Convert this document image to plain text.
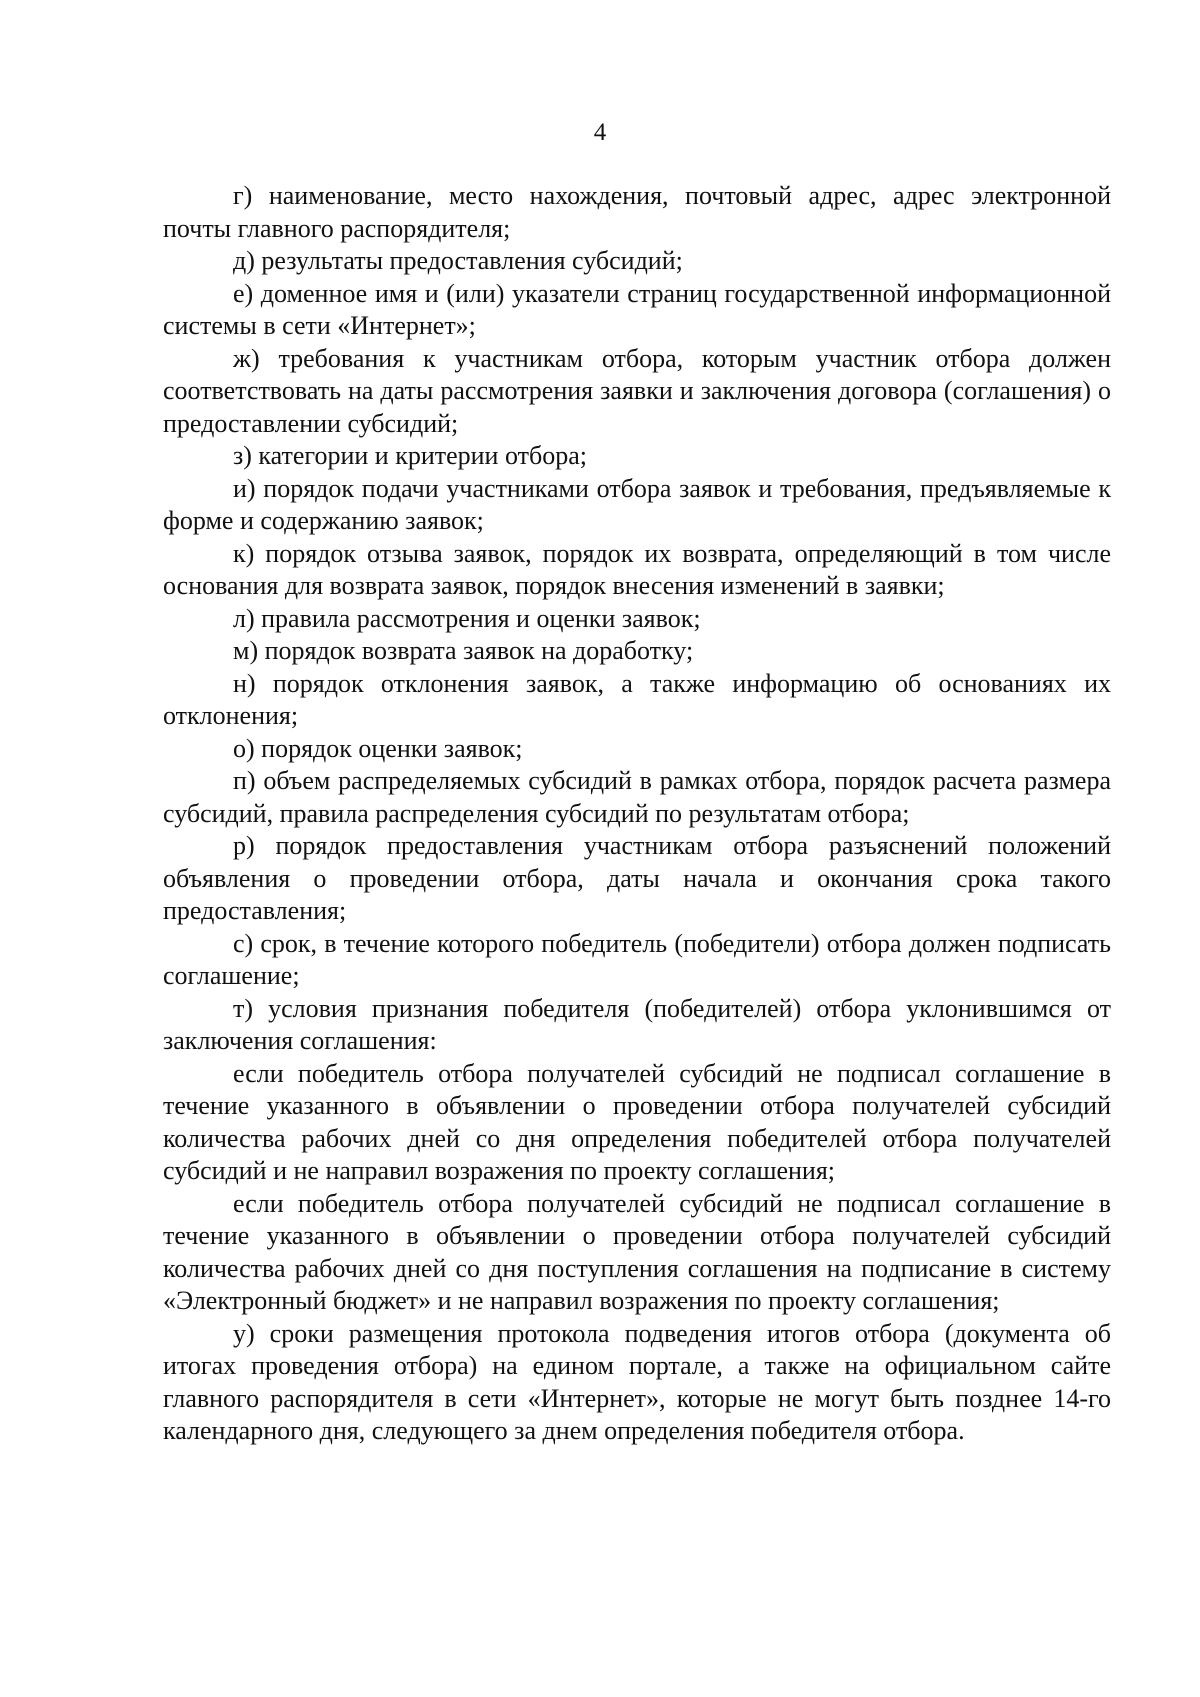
4

г) наименование, место нахождения, почтовый адрес, адрес электронной почты главного распорядителя;

д) результаты предоставления субсидий;

е) доменное имя и (или) указатели страниц государственной информационной системы в сети «Интернет»;

ж) требования к участникам отбора, которым участник отбора должен соответствовать на даты рассмотрения заявки и заключения договора (соглашения) о предоставлении субсидий;

з) категории и критерии отбора;

и) порядок подачи участниками отбора заявок и требования, предъявляемые к форме и содержанию заявок;

к) порядок отзыва заявок, порядок их возврата, определяющий в том числе основания для возврата заявок, порядок внесения изменений в заявки;

л) правила рассмотрения и оценки заявок;

м) порядок возврата заявок на доработку;

н) порядок отклонения заявок, а также информацию об основаниях их отклонения;

о) порядок оценки заявок;

п) объем распределяемых субсидий в рамках отбора, порядок расчета размера субсидий, правила распределения субсидий по результатам отбора;

р) порядок предоставления участникам отбора разъяснений положений объявления о проведении отбора, даты начала и окончания срока такого предоставления;

с) срок, в течение которого победитель (победители) отбора должен подписать соглашение;

т) условия признания победителя (победителей) отбора уклонившимся от заключения соглашения:

если победитель отбора получателей субсидий не подписал соглашение в течение указанного в объявлении о проведении отбора получателей субсидий количества рабочих дней со дня определения победителей отбора получателей субсидий и не направил возражения по проекту соглашения;

если победитель отбора получателей субсидий не подписал соглашение в течение указанного в объявлении о проведении отбора получателей субсидий количества рабочих дней со дня поступления соглашения на подписание в систему «Электронный бюджет» и не направил возражения по проекту соглашения;

у) сроки размещения протокола подведения итогов отбора (документа об итогах проведения отбора) на едином портале, а также на официальном сайте главного распорядителя в сети «Интернет», которые не могут быть позднее 14-го календарного дня, следующего за днем определения победителя отбора.
